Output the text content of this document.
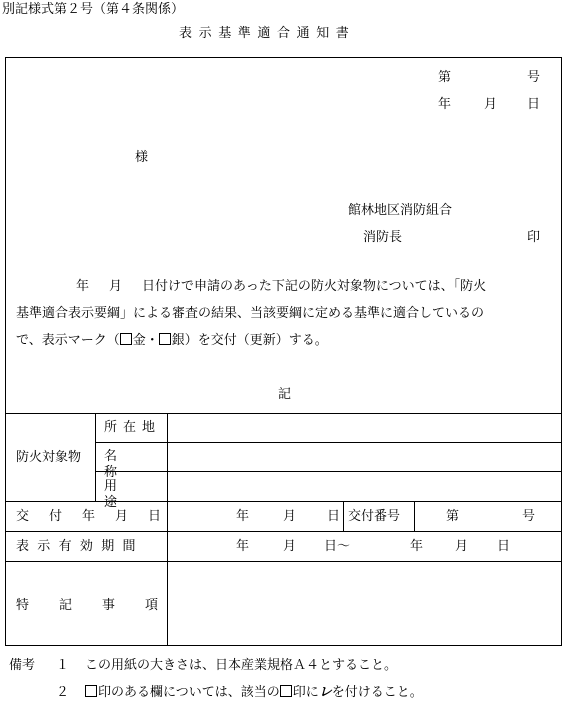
別記様式第２号（第４条関係）
表示基準適合通知書
第	号
年	月 日
様
館林地区消防組合
消防長	印
年 月 日付けで申請のあった下記の防火対象物については、「防火
基準適合表示要綱」による審査の結果、当該要綱に定める基準に適合しているの
で、表示マーク（ 金・ 銀）を交付（更新）する。
記
防火対象物
所在地
名称
用途
交付年月日	年	月 日 交付番号	第	号
表示有効期間	年	月 日～	年 月 日
特記事項
備考 １ この用紙の大きさは、日本産業規格Ａ４とすること。
２	印のある欄については、該当の 印にレを付けること。
